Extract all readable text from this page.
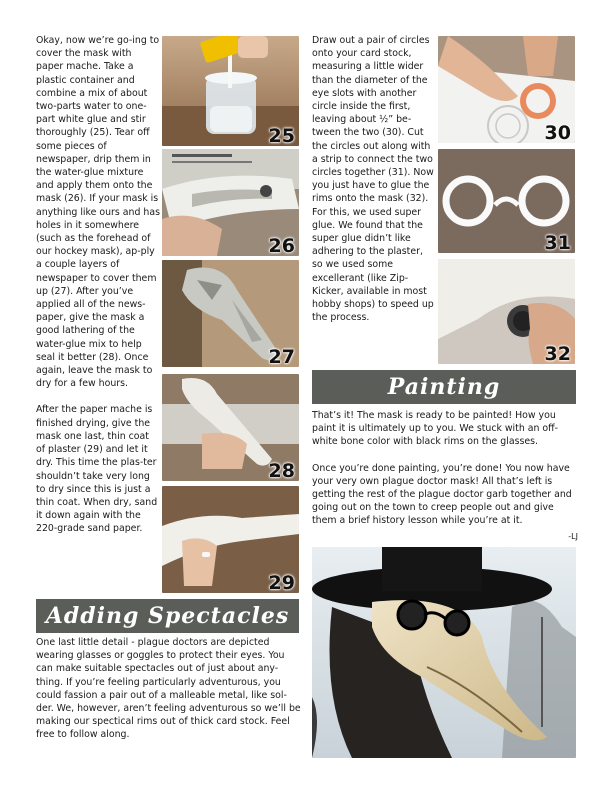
Okay, now we’re go-ing to cover the mask with paper mache. Take a plastic container and combine a mix of about two-parts water to one-part white glue and stir thoroughly (25). Tear off some pieces of newspaper, drip them in the water-glue mixture and apply them onto the mask (26). If your mask is anything like ours and has holes in it somewhere (such as the forehead of our hockey mask), ap-ply a couple layers of newspaper to cover them up (27). After you’ve applied all of the news-paper, give the mask a good lathering of the water-glue mix to help seal it better (28). Once again, leave the mask to dry for a few hours.

After the paper mache is finished drying, give the mask one last, thin coat of plaster (29) and let it dry. This time the plas-ter shouldn’t take very long to dry since this is just a thin coat. When dry, sand it down again with the 220-grade sand paper.

25
26
27
28
29
Adding Spectacles

One last little detail - plague doctors are depicted wearing glasses or goggles to protect their eyes. You can make suitable spectacles out of just about any-thing. If you’re feeling particularly adventurous, you could fassion a pair out of a malleable metal, like sol-der. We, however, aren’t feeling adventurous so we’ll be making our spectical rims out of thick card stock. Feel free to follow along.

Draw out a pair of circles onto your card stock, measuring a little wider than the diameter of the eye slots with another circle inside the first, leaving about ½” be-tween the two (30). Cut the circles out along with a strip to connect the two circles together (31). Now you just have to glue the rims onto the mask (32). For this, we used super glue. We found that the super glue didn’t like adhering to the plaster, so we used some excellerant (like Zip-Kicker, available in most hobby shops) to speed up the process.

30
31
32
Painting

That’s it! The mask is ready to be painted! How you paint it is ultimately up to you. We stuck with an off-white bone color with black rims on the glasses.

Once you’re done painting, you’re done! You now have your very own plague doctor mask! All that’s left is getting the rest of the plague doctor garb together and going out on the town to creep people out and give them a brief history lesson while you’re at it.

-LJ
